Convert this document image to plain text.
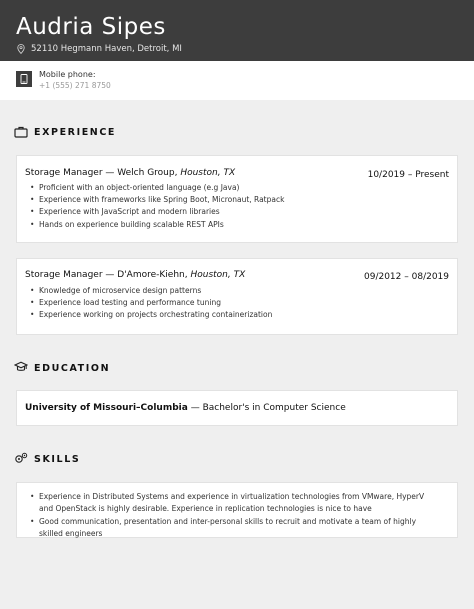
Audria Sipes
52110 Hegmann Haven, Detroit, MI
Mobile phone:
+1 (555) 271 8750
EXPERIENCE
Storage Manager — Welch Group, Houston, TX	10/2019 – Present
• Proficient with an object-oriented language (e.g Java)
• Experience with frameworks like Spring Boot, Micronaut, Ratpack
• Experience with JavaScript and modern libraries
• Hands on experience building scalable REST APIs
Storage Manager — D'Amore-Kiehn, Houston, TX	09/2012 – 08/2019
• Knowledge of microservice design patterns
• Experience load testing and performance tuning
• Experience working on projects orchestrating containerization
EDUCATION
University of Missouri–Columbia — Bachelor's in Computer Science
SKILLS
• Experience in Distributed Systems and experience in virtualization technologies from VMware, HyperV and OpenStack is highly desirable. Experience in replication technologies is nice to have
• Good communication, presentation and inter-personal skills to recruit and motivate a team of highly skilled engineers
